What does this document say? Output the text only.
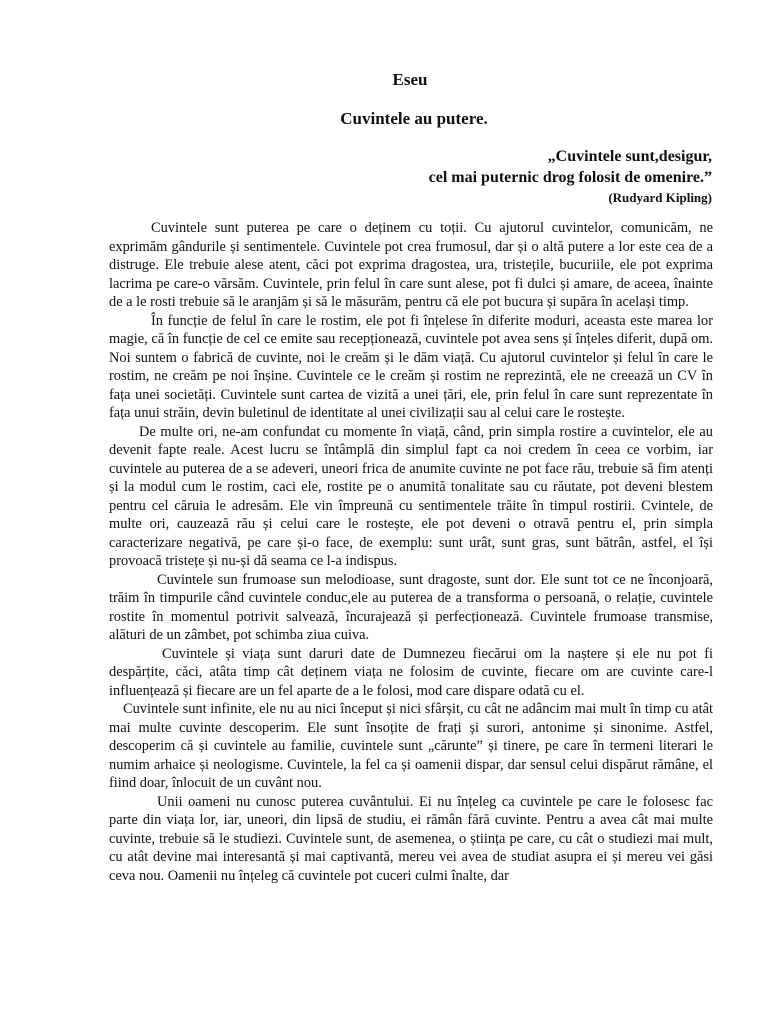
Eseu
Cuvintele au putere.
„Cuvintele sunt,desigur,

cel mai puternic drog folosit de omenire.”
(Rudyard Kipling)

Cuvintele sunt puterea pe care o deținem cu toții. Cu ajutorul cuvintelor, comunicăm, ne exprimăm gândurile și sentimentele. Cuvintele pot crea frumosul, dar și o altă putere a lor este cea de a distruge. Ele trebuie alese atent, căci pot exprima dragostea, ura, tristețile, bucuriile, ele pot exprima lacrima pe care-o vărsăm. Cuvintele, prin felul în care sunt alese, pot fi dulci și amare, de aceea, înainte de a le rosti trebuie să le aranjăm și să le măsurăm, pentru că ele pot bucura și supăra în același timp.

În funcție de felul în care le rostim, ele pot fi înțelese în diferite moduri, aceasta este marea lor magie, că în funcție de cel ce emite sau recepționează, cuvintele pot avea sens și înțeles diferit, după om. Noi suntem o fabrică de cuvinte, noi le creăm și le dăm viață. Cu ajutorul cuvintelor și felul în care le rostim, ne creăm pe noi înșine. Cuvintele ce le creăm și rostim ne reprezintă, ele ne creează un CV în fața unei societăți. Cuvintele sunt cartea de vizită a unei țări, ele, prin felul în care sunt reprezentate în fața unui străin, devin buletinul de identitate al unei civilizații sau al celui care le rostește.

De multe ori, ne-am confundat cu momente în viață, când, prin simpla rostire a cuvintelor, ele au devenit fapte reale. Acest lucru se întâmplă din simplul fapt ca noi credem în ceea ce vorbim, iar cuvintele au puterea de a se adeveri, uneori frica de anumite cuvinte ne pot face rău, trebuie să fim atenți și la modul cum le rostim, caci ele, rostite pe o anumită tonalitate sau cu răutate, pot deveni blestem pentru cel căruia le adresăm. Ele vin împreună cu sentimentele trăite în timpul rostirii. Cvintele, de multe ori, cauzează rău și celui care le rostește, ele pot deveni o otravă pentru el, prin simpla caracterizare negativă, pe care și-o face, de exemplu: sunt urât, sunt gras, sunt bătrân, astfel, el își provoacă tristețe și nu-și dă seama ce l-a indispus.

Cuvintele sun frumoase sun melodioase, sunt dragoste, sunt dor. Ele sunt tot ce ne înconjoară, trăim în timpurile când cuvintele conduc,ele au puterea de a transforma o persoană, o relație, cuvintele rostite în momentul potrivit salvează, încurajează și perfecționează. Cuvintele frumoase transmise, alături de un zâmbet, pot schimba ziua cuiva.

Cuvintele și viața sunt daruri date de Dumnezeu fiecărui om la naștere și ele nu pot fi despărțite, căci, atâta timp cât deținem viața ne folosim de cuvinte, fiecare om are cuvinte care-l influențează și fiecare are un fel aparte de a le folosi, mod care dispare odată cu el.

Cuvintele sunt infinite, ele nu au nici început și nici sfârșit, cu cât ne adâncim mai mult în timp cu atât mai multe cuvinte descoperim. Ele sunt însoțite de frați și surori, antonime și sinonime. Astfel, descoperim că și cuvintele au familie, cuvintele sunt „cărunte” și tinere, pe care în termeni literari le numim arhaice și neologisme. Cuvintele, la fel ca și oamenii dispar, dar sensul celui dispărut rămâne, el fiind doar, înlocuit de un cuvânt nou.

Unii oameni nu cunosc puterea cuvântului. Ei nu înțeleg ca cuvintele pe care le folosesc fac parte din viața lor, iar, uneori, din lipsă de studiu, ei rămân fără cuvinte. Pentru a avea cât mai multe cuvinte, trebuie să le studiezi. Cuvintele sunt, de asemenea, o știința pe care, cu cât o studiezi mai mult, cu atât devine mai interesantă și mai captivantă, mereu vei avea de studiat asupra ei și mereu vei găsi ceva nou. Oamenii nu înțeleg că cuvintele pot cuceri culmi înalte, dar
